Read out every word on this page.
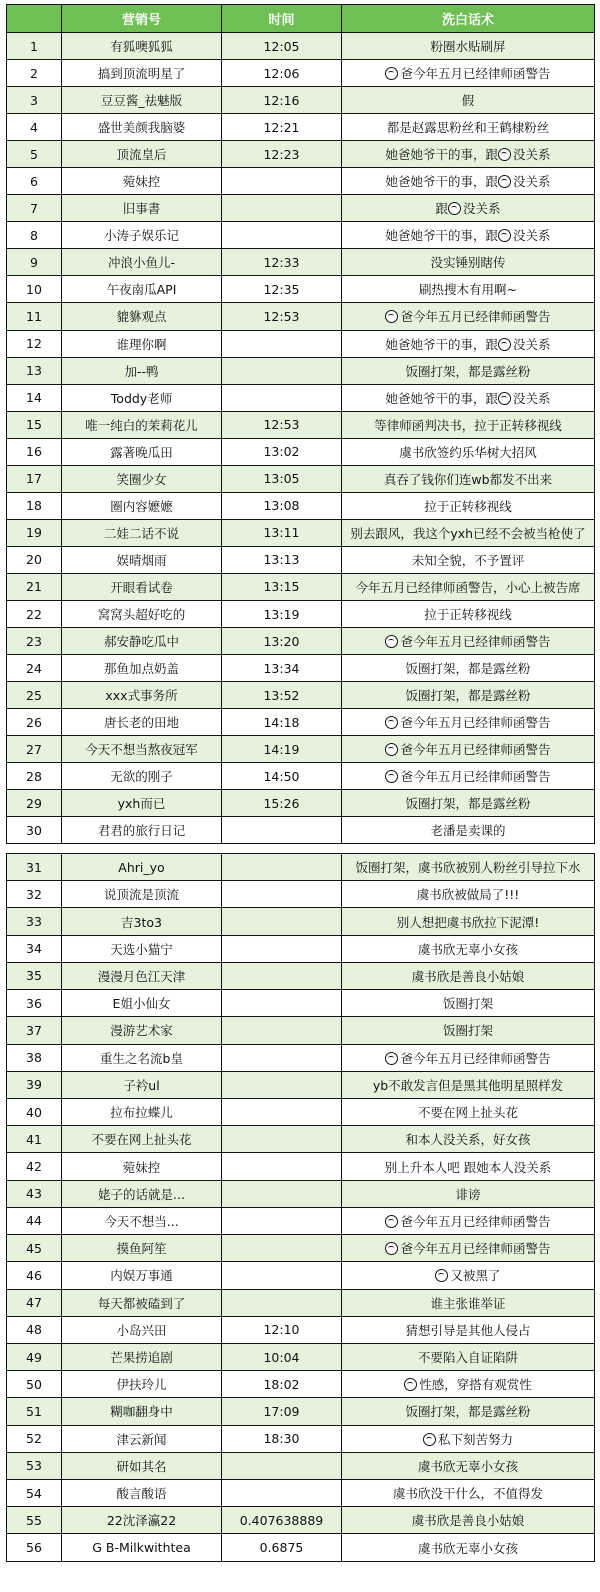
	营销号	时间	洗白话术
1	有狐噢狐狐	12:05	粉圈水贴刷屏
2	搞到顶流明星了	12:06	爸今年五月已经律师函警告
3	豆豆酱_祛魅版	12:16	假
4	盛世美颜我脑婆	12:21	都是赵露思粉丝和王鹤棣粉丝
5	顶流皇后	12:23	她爸她爷干的事，跟 没关系
6	菀妹控		她爸她爷干的事，跟 没关系
7	旧事書		跟 没关系
8	小涛子娱乐记		她爸她爷干的事，跟 没关系
9	冲浪小鱼儿-	12:33	没实锤别瞎传
10	午夜南瓜API	12:35	刷热搜木有用啊~
11	貔貅观点	12:53	爸今年五月已经律师函警告
12	谁理你啊		她爸她爷干的事，跟 没关系
13	加--鸭		饭圈打架，都是露丝粉
14	Toddy老师		她爸她爷干的事，跟 没关系
15	唯一纯白的茉莉花儿	12:53	等律师函判决书，拉于正转移视线
16	露著晚瓜田	13:02	虞书欣签约乐华树大招风
17	笑圈少女	13:05	真吞了钱你们连wb都发不出来
18	圈内容嬷嬷	13:08	拉于正转移视线
19	二娃二话不说	13:11	别去跟风，我这个yxh已经不会被当枪使了
20	娱晴烟雨	13:13	未知全貌，不予置评
21	开眼看试卷	13:15	今年五月已经律师函警告，小心上被告席
22	窝窝头超好吃的	13:19	拉于正转移视线
23	郝安静吃瓜中	13:20	爸今年五月已经律师函警告
24	那鱼加点奶盖	13:34	饭圈打架，都是露丝粉
25	xxx式事务所	13:52	饭圈打架，都是露丝粉
26	唐长老的田地	14:18	爸今年五月已经律师函警告
27	今天不想当熬夜冠军	14:19	爸今年五月已经律师函警告
28	无欲的刚子	14:50	爸今年五月已经律师函警告
29	yxh而已	15:26	饭圈打架，都是露丝粉
30	君君的旅行日记		老潘是卖课的
31	Ahri_yo		饭圈打架，虞书欣被别人粉丝引导拉下水
32	说顶流是顶流		虞书欣被做局了!!!
33	吉3to3		别人想把虞书欣拉下泥潭!
34	天选小猫宁		虞书欣无辜小女孩
35	漫漫月色江天津		虞书欣是善良小姑娘
36	E姐小仙女		饭圈打架
37	漫游艺术家		饭圈打架
38	重生之名流b皇		爸今年五月已经律师函警告
39	子衿ul		yb不敢发言但是黑其他明星照样发
40	拉布拉蝶儿		不要在网上扯头花
41	不要在网上扯头花		和本人没关系，好女孩
42	菀妹控		别上升本人吧 跟她本人没关系
43	姥子的话就是...		诽谤
44	今天不想当...		爸今年五月已经律师函警告
45	摸鱼阿笙		爸今年五月已经律师函警告
46	内娱万事通		又被黑了
47	每天都被磕到了		谁主张谁举证
48	小岛兴田	12:10	猜想引导是其他人侵占
49	芒果捞追剧	10:04	不要陷入自证陷阱
50	伊扶玲儿	18:02	性感，穿搭有观赏性
51	糊咖翻身中	17:09	饭圈打架，都是露丝粉
52	津云新闻	18:30	私下刻苦努力
53	研如其名		虞书欣无辜小女孩
54	酸言酸语		虞书欣没干什么，不值得发
55	22沈泽瀛22	0.407638889	虞书欣是善良小姑娘
56	G B-Milkwithtea	0.6875	虞书欣无辜小女孩
